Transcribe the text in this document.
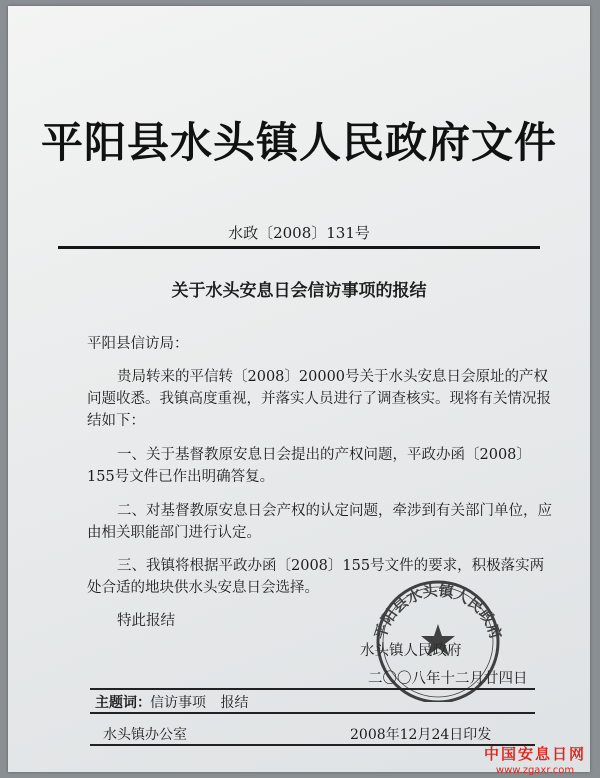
平阳县水头镇人民政府文件
水政〔2008〕131号
关于水头安息日会信访事项的报结
平阳县信访局：
贵局转来的平信转〔2008〕20000号关于水头安息日会原址的产权问题收悉。我镇高度重视，并落实人员进行了调查核实。现将有关情况报结如下：
一、关于基督教原安息日会提出的产权问题，平政办函〔2008〕155号文件已作出明确答复。
二、对基督教原安息日会产权的认定问题，牵涉到有关部门单位，应由相关职能部门进行认定。
三、我镇将根据平政办函〔2008〕155号文件的要求，积极落实两处合适的地块供水头安息日会选择。
特此报结
水头镇人民政府
二〇〇八年十二月廿四日
平阳县水头镇人民政府
主题词： 信访事项 报结
水头镇办公室	2008年12月24日印发
中国安息日网
www.zgaxr.com
